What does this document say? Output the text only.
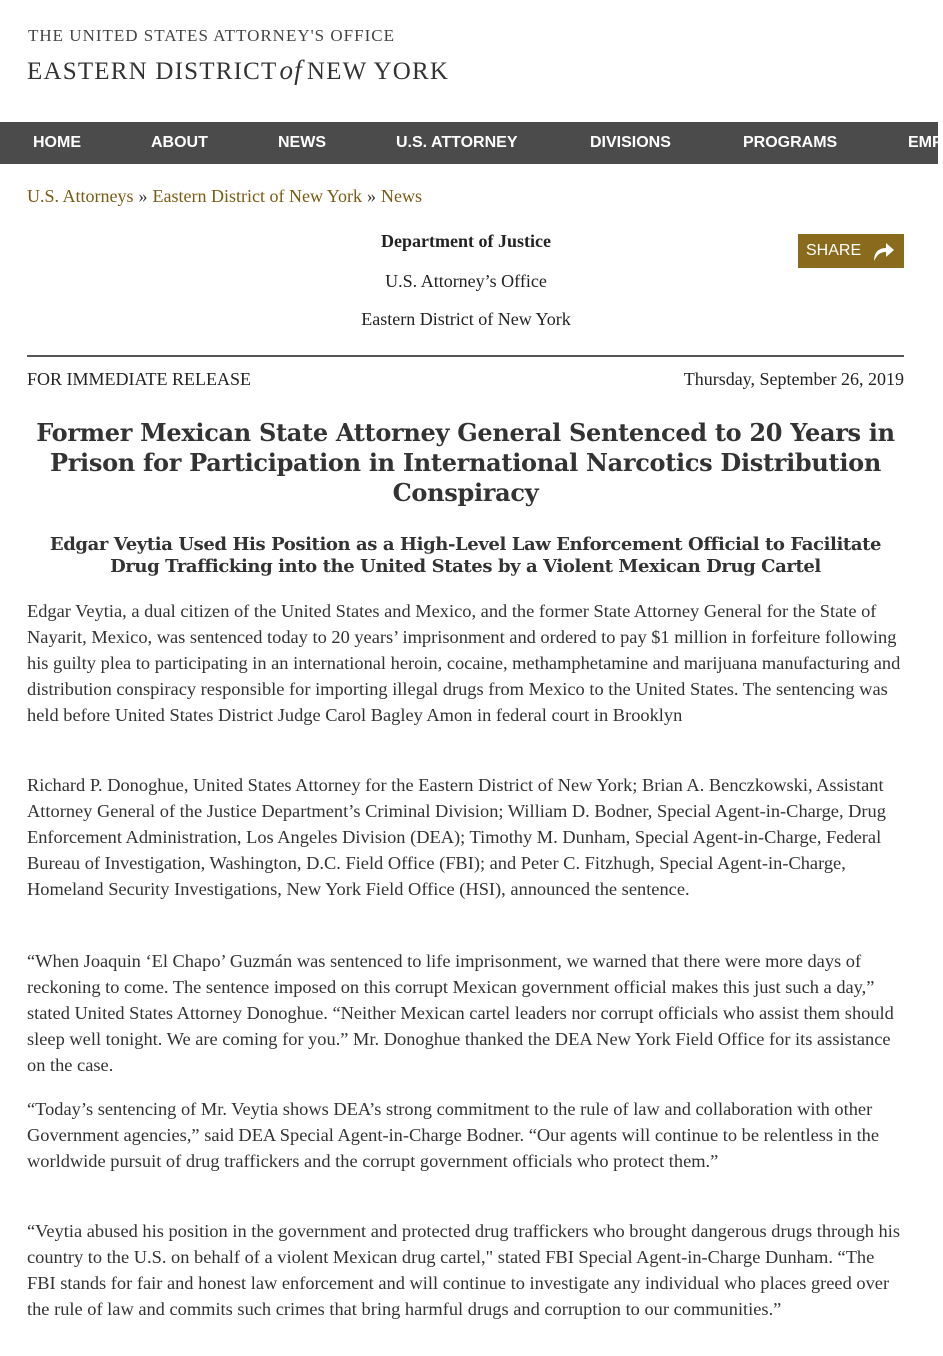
THE UNITED STATES ATTORNEY'S OFFICE
EASTERN DISTRICTof NEW YORK
HOME	ABOUT	NEWS	U.S. ATTORNEY	DIVISIONS	PROGRAMS	EMP
U.S. Attorneys » Eastern District of New York » News
Department of Justice
U.S. Attorney’s Office
Eastern District of New York
SHARE
FOR IMMEDIATE RELEASE	Thursday, September 26, 2019
Former Mexican State Attorney General Sentenced to 20 Years in Prison for Participation in International Narcotics Distribution Conspiracy
Edgar Veytia Used His Position as a High-Level Law Enforcement Official to Facilitate Drug Trafficking into the United States by a Violent Mexican Drug Cartel

Edgar Veytia, a dual citizen of the United States and Mexico, and the former State Attorney General for the State of Nayarit, Mexico, was sentenced today to 20 years’ imprisonment and ordered to pay $1 million in forfeiture following his guilty plea to participating in an international heroin, cocaine, methamphetamine and marijuana manufacturing and distribution conspiracy responsible for importing illegal drugs from Mexico to the United States. The sentencing was held before United States District Judge Carol Bagley Amon in federal court in Brooklyn

Richard P. Donoghue, United States Attorney for the Eastern District of New York; Brian A. Benczkowski, Assistant Attorney General of the Justice Department’s Criminal Division; William D. Bodner, Special Agent-in-Charge, Drug Enforcement Administration, Los Angeles Division (DEA); Timothy M. Dunham, Special Agent-in-Charge, Federal Bureau of Investigation, Washington, D.C. Field Office (FBI); and Peter C. Fitzhugh, Special Agent-in-Charge, Homeland Security Investigations, New York Field Office (HSI), announced the sentence.

“When Joaquin ‘El Chapo’ Guzmán was sentenced to life imprisonment, we warned that there were more days of reckoning to come. The sentence imposed on this corrupt Mexican government official makes this just such a day,” stated United States Attorney Donoghue. “Neither Mexican cartel leaders nor corrupt officials who assist them should sleep well tonight. We are coming for you.” Mr. Donoghue thanked the DEA New York Field Office for its assistance on the case.

“Today’s sentencing of Mr. Veytia shows DEA’s strong commitment to the rule of law and collaboration with other Government agencies,” said DEA Special Agent-in-Charge Bodner. “Our agents will continue to be relentless in the worldwide pursuit of drug traffickers and the corrupt government officials who protect them.”

“Veytia abused his position in the government and protected drug traffickers who brought dangerous drugs through his country to the U.S. on behalf of a violent Mexican drug cartel," stated FBI Special Agent-in-Charge Dunham. “The FBI stands for fair and honest law enforcement and will continue to investigate any individual who places greed over the rule of law and commits such crimes that bring harmful drugs and corruption to our communities.”
